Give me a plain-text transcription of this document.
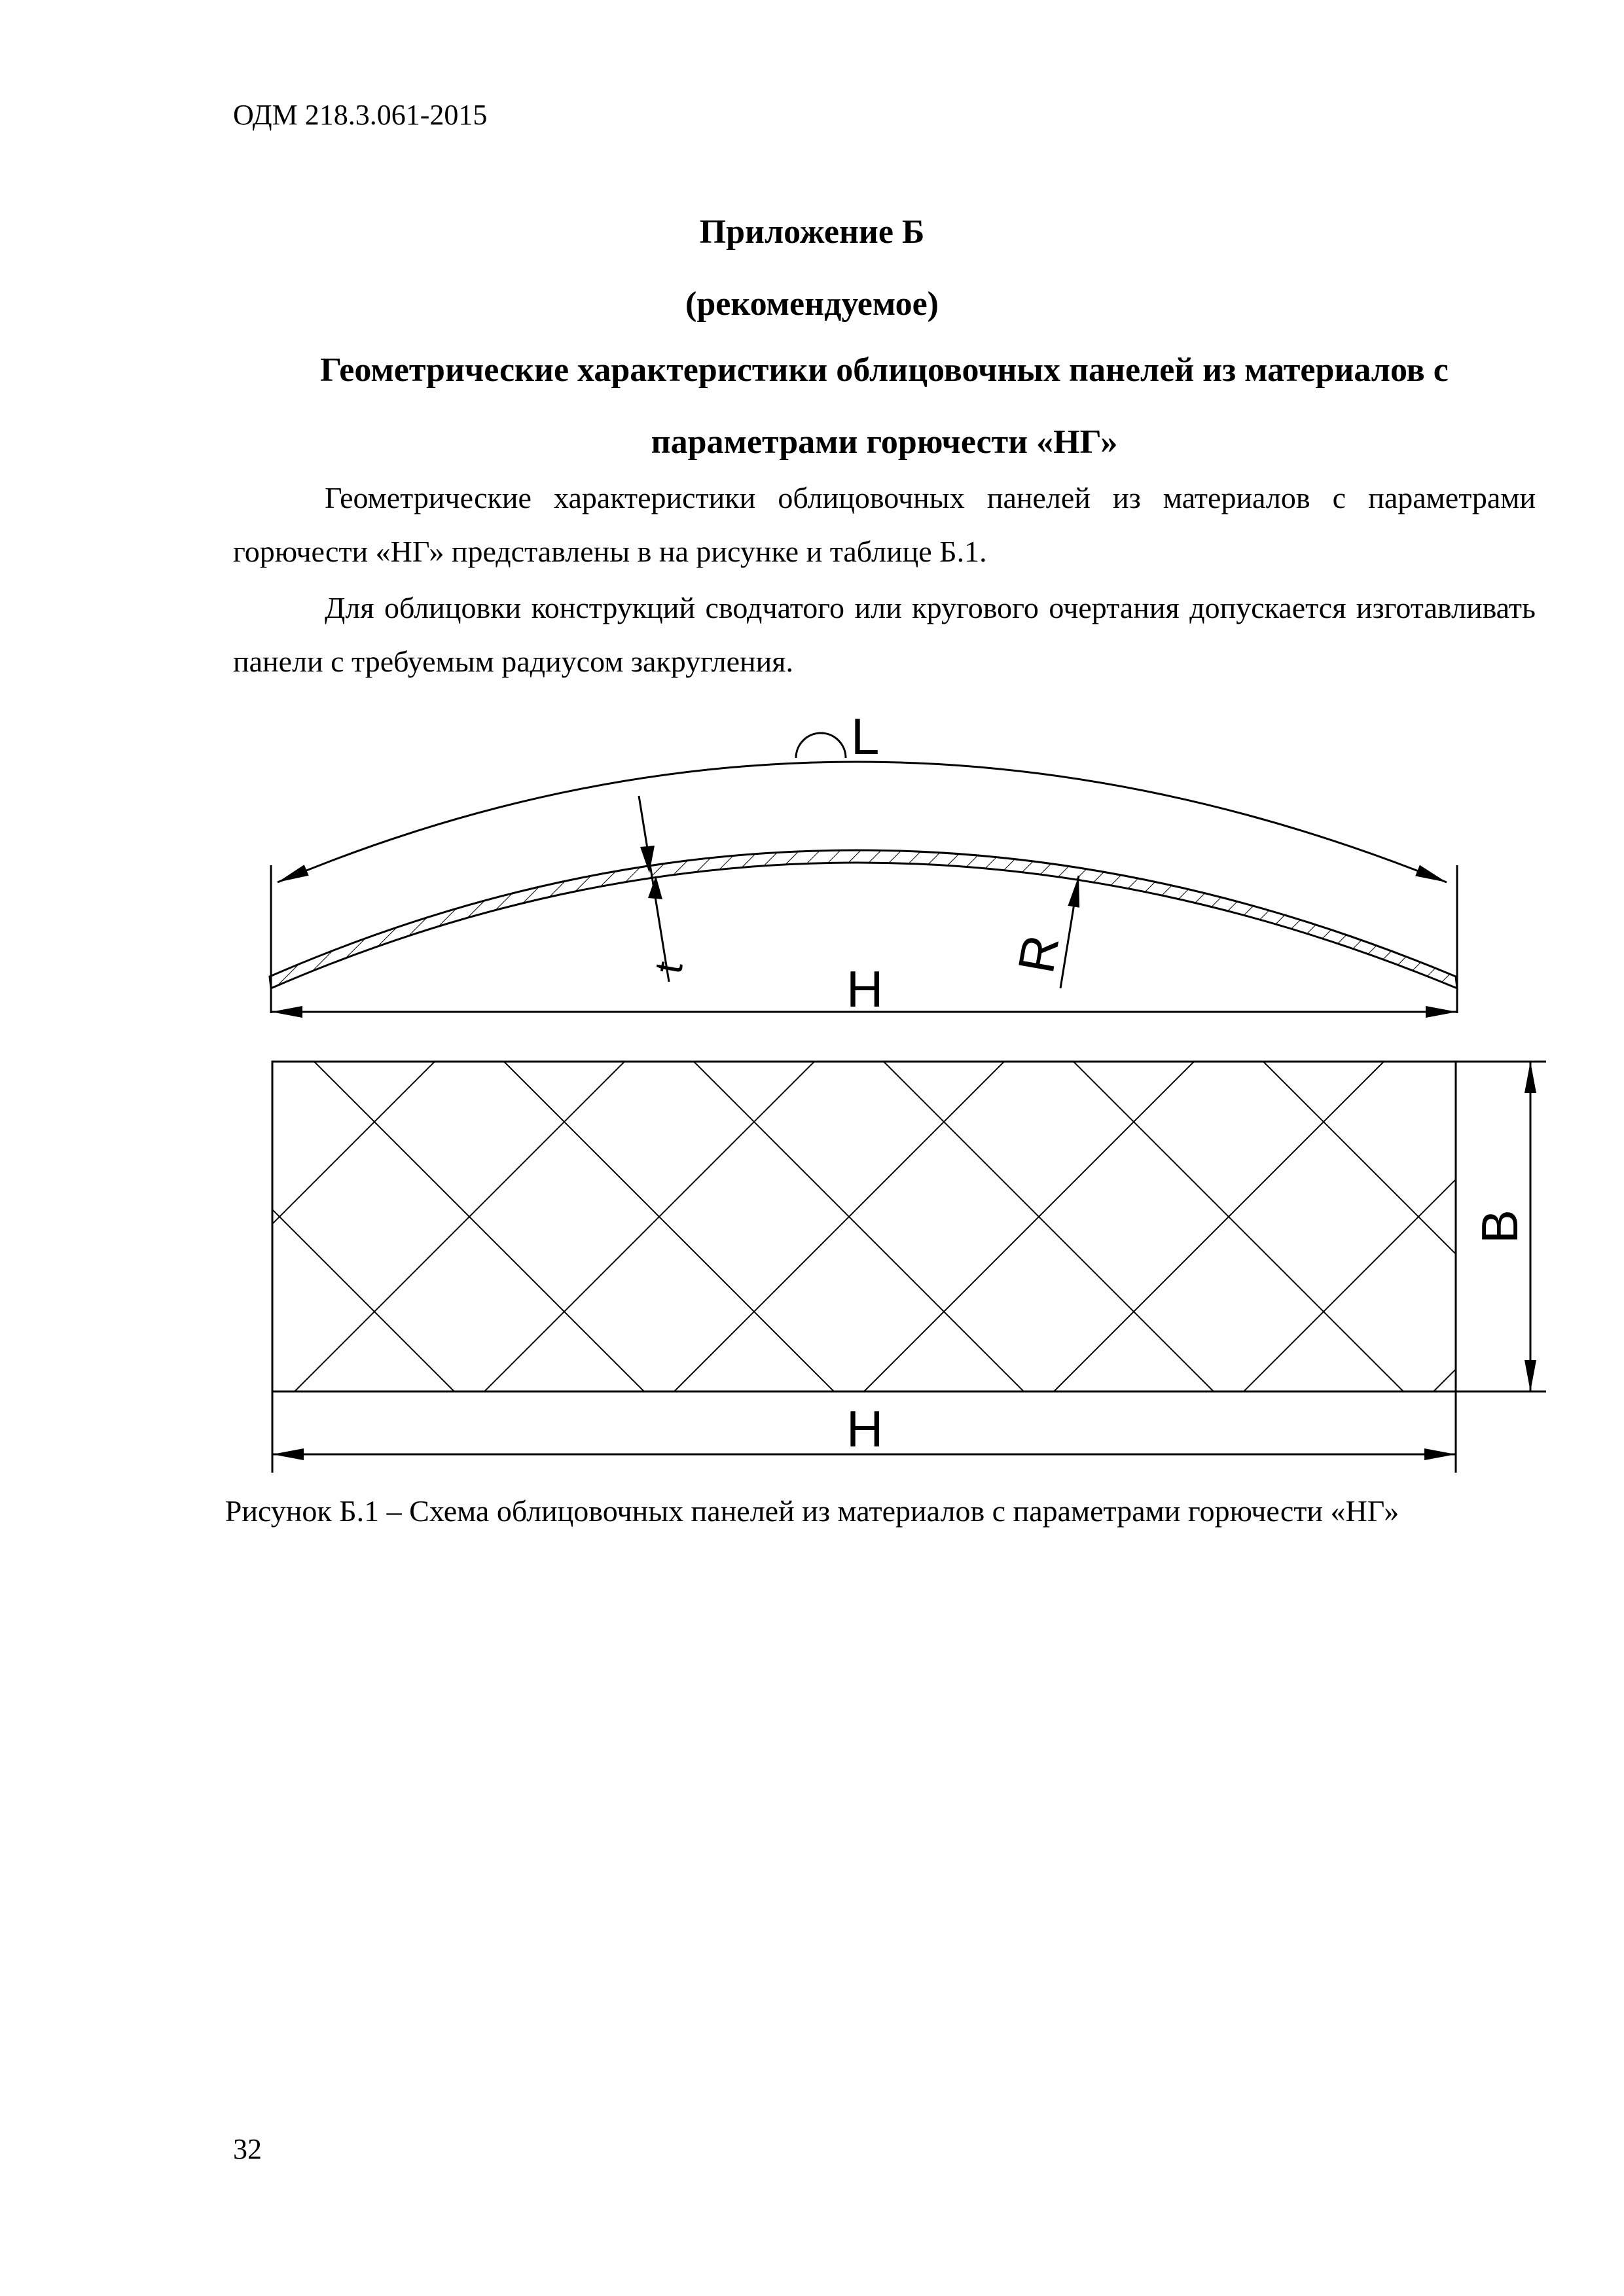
ОДМ 218.3.061-2015
Приложение Б
(рекомендуемое)
Геометрические характеристики облицовочных панелей из материалов с
параметрами горючести «НГ»
Геометрические характеристики облицовочных панелей из материалов с параметрами горючести «НГ» представлены в на рисунке и таблице Б.1.
Для облицовки конструкций сводчатого или кругового очертания допускается изготавливать панели с требуемым радиусом закругления.
L
t	R
H
B
H
Рисунок Б.1 – Схема облицовочных панелей из материалов с параметрами горючести «НГ»
32
